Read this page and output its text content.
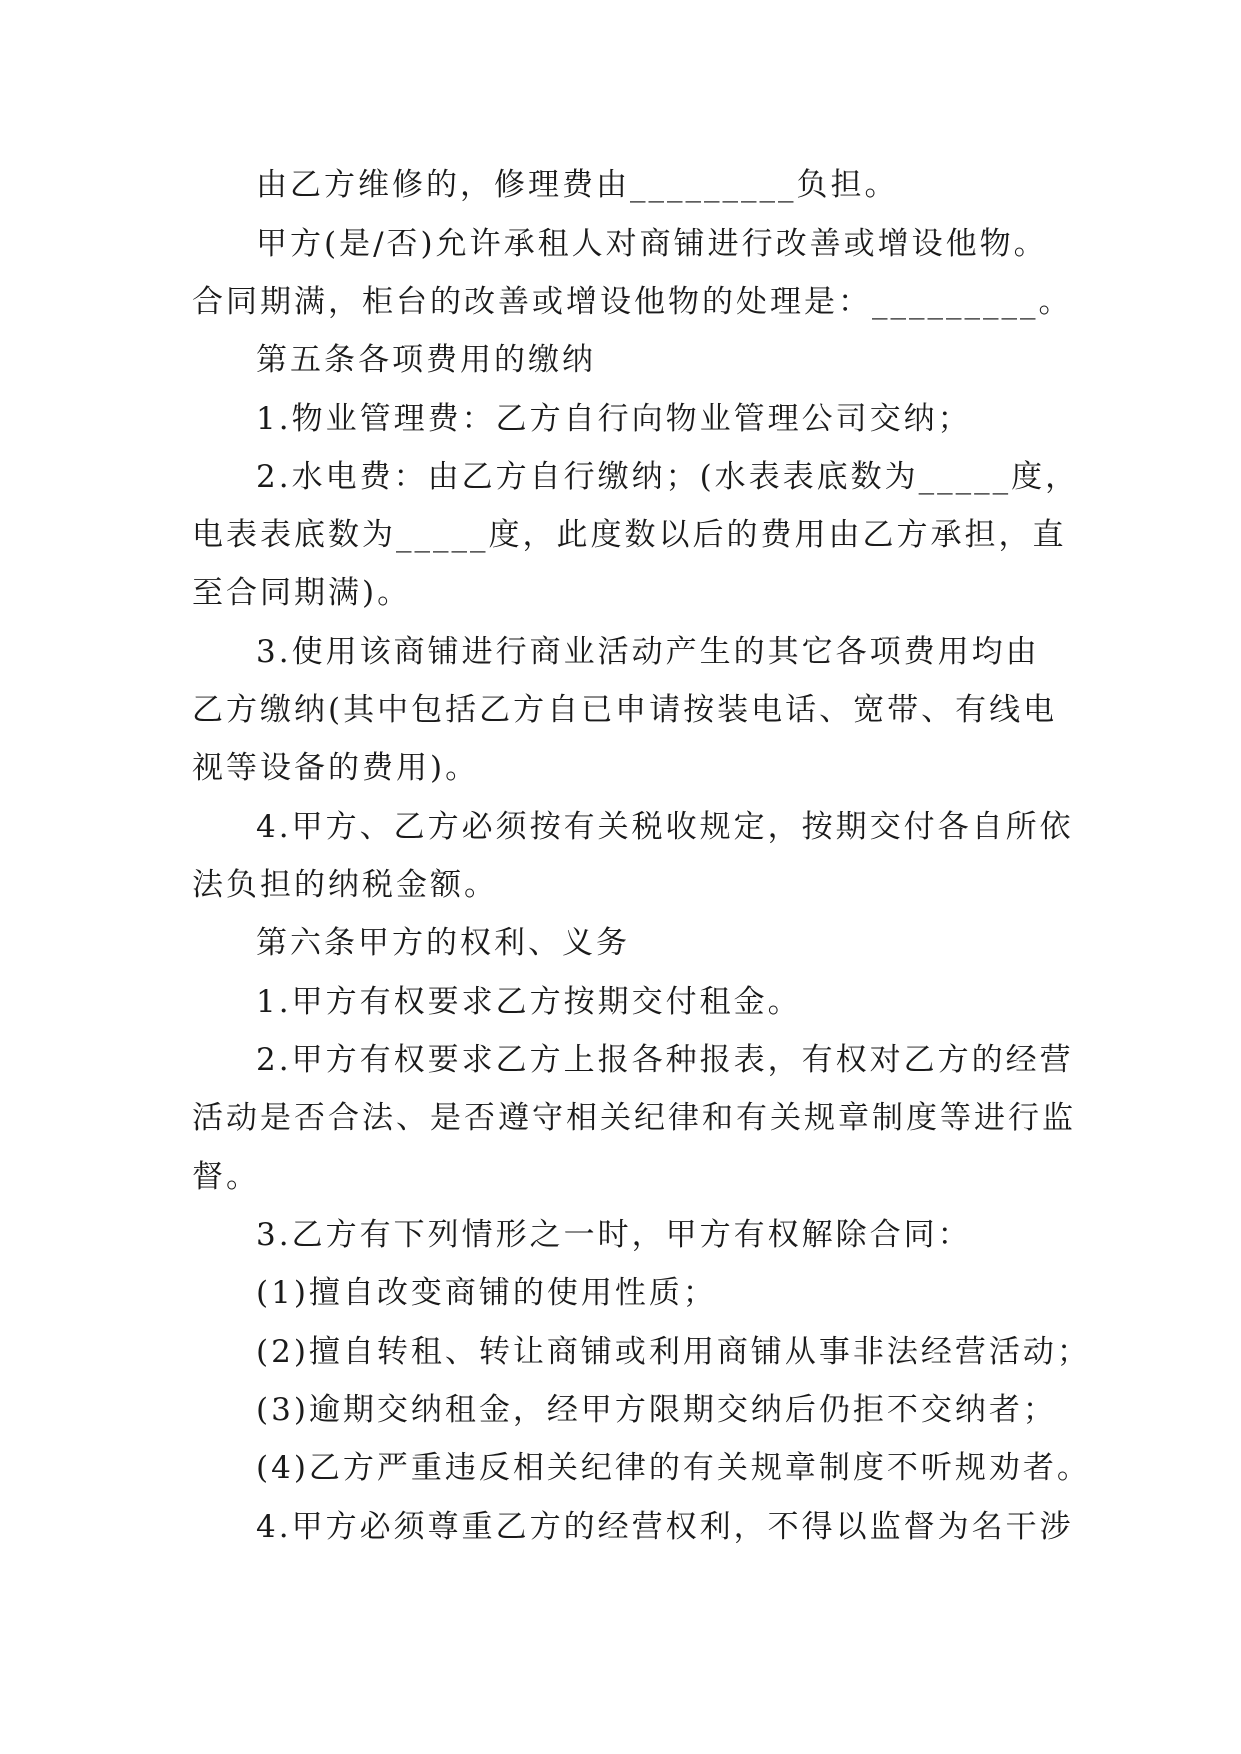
由乙方维修的，修理费由_________负担。
甲方(是/否)允许承租人对商铺进行改善或增设他物。
合同期满，柜台的改善或增设他物的处理是：_________。
第五条各项费用的缴纳
1.物业管理费：乙方自行向物业管理公司交纳；
2.水电费：由乙方自行缴纳；(水表表底数为_____度，
电表表底数为_____度，此度数以后的费用由乙方承担，直
至合同期满)。
3.使用该商铺进行商业活动产生的其它各项费用均由
乙方缴纳(其中包括乙方自已申请按装电话、宽带、有线电
视等设备的费用)。
4.甲方、乙方必须按有关税收规定，按期交付各自所依
法负担的纳税金额。
第六条甲方的权利、义务
1.甲方有权要求乙方按期交付租金。
2.甲方有权要求乙方上报各种报表，有权对乙方的经营
活动是否合法、是否遵守相关纪律和有关规章制度等进行监
督。
3.乙方有下列情形之一时，甲方有权解除合同：
(1)擅自改变商铺的使用性质；
(2)擅自转租、转让商铺或利用商铺从事非法经营活动；
(3)逾期交纳租金，经甲方限期交纳后仍拒不交纳者；
(4)乙方严重违反相关纪律的有关规章制度不听规劝者。
4.甲方必须尊重乙方的经营权利，不得以监督为名干涉
